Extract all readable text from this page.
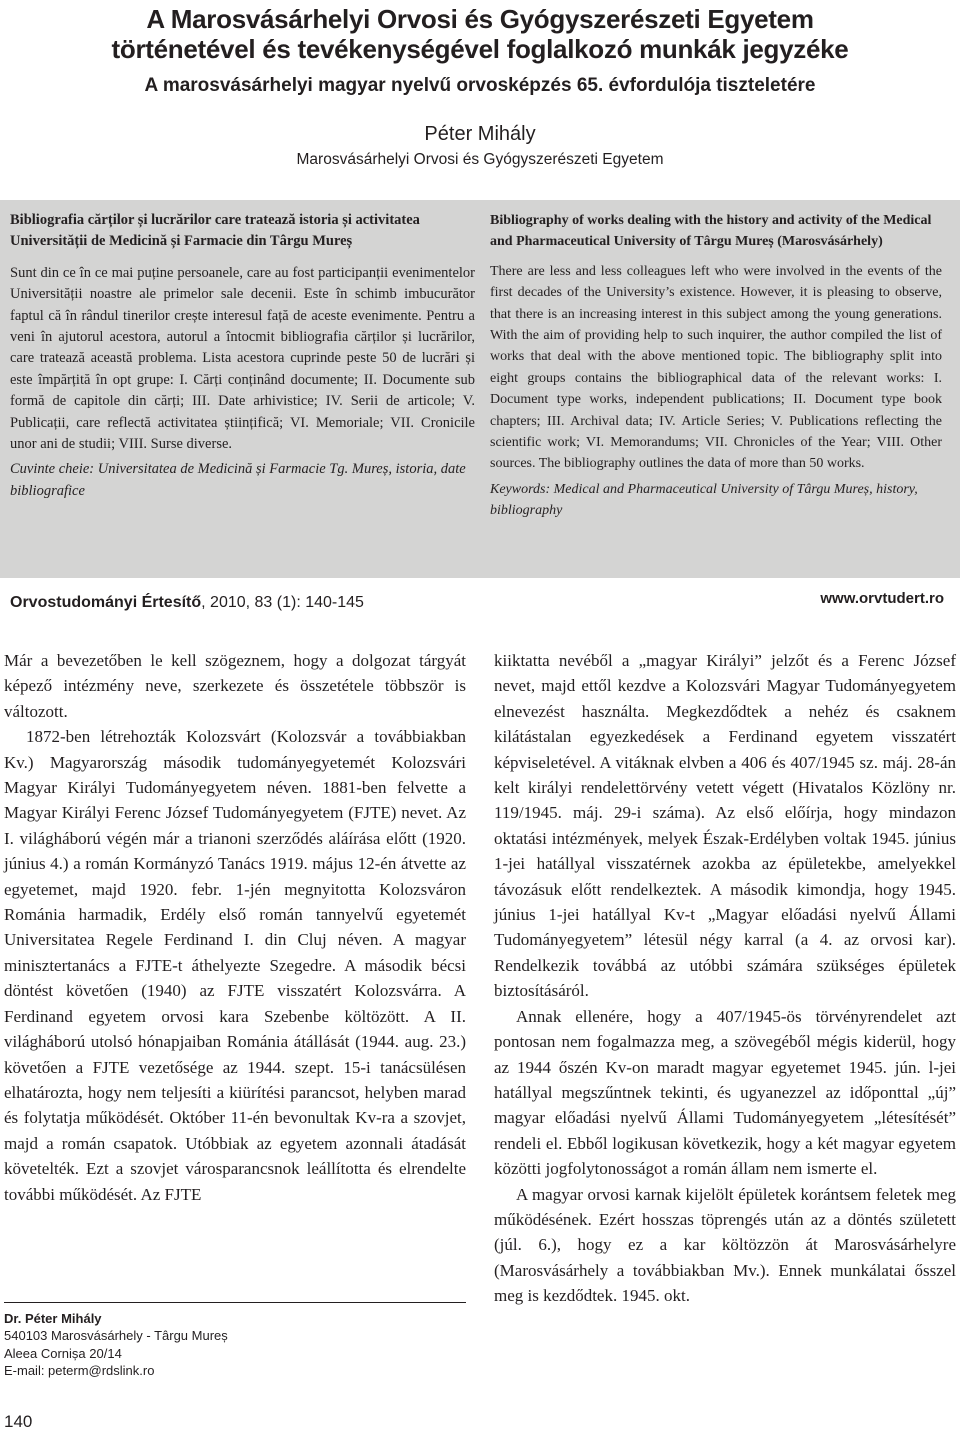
A Marosvásárhelyi Orvosi és Gyógyszerészeti Egyetem
történetével és tevékenységével foglalkozó munkák jegyzéke
A marosvásárhelyi magyar nyelvű orvosképzés 65. évfordulója tiszteletére
Péter Mihály
Marosvásárhelyi Orvosi és Gyógyszerészeti Egyetem
Bibliografia cărților și lucrărilor care tratează istoria și activitatea Universității de Medicină și Farmacie din Târgu Mureș
Sunt din ce în ce mai puține persoanele, care au fost participanții evenimentelor Universității noastre ale primelor sale decenii. Este în schimb imbucurător faptul că în rândul tinerilor crește interesul față de aceste evenimente. Pentru a veni în ajutorul acestora, autorul a întocmit bibliografia cărților și lucrărilor, care tratează această problema. Lista acestora cuprinde peste 50 de lucrări și este împărțită în opt grupe: I. Cărți conținând documente; II. Documente sub formă de capitole din cărți; III. Date arhivistice; IV. Serii de articole; V. Publicații, care reflectă activitatea științifică; VI. Memoriale; VII. Cronicile unor ani de studii; VIII. Surse diverse.
Cuvinte cheie: Universitatea de Medicină și Farmacie Tg. Mureș, istoria, date bibliografice
Bibliography of works dealing with the history and activity of the Medical and Pharmaceutical University of Târgu Mureș (Marosvásárhely)
There are less and less colleagues left who were involved in the events of the first decades of the University’s existence. However, it is pleasing to observe, that there is an increasing interest in this subject among the young generations. With the aim of providing help to such inquirer, the author compiled the list of works that deal with the above mentioned topic. The bibliography split into eight groups contains the bibliographical data of the relevant works: I. Document type works, independent publications; II. Document type book chapters; III. Archival data; IV. Article Series; V. Publications reflecting the scientific work; VI. Memorandums; VII. Chronicles of the Year; VIII. Other sources. The bibliography outlines the data of more than 50 works.
Keywords: Medical and Pharmaceutical University of Târgu Mureș, history, bibliography
Orvostudományi Értesítő, 2010, 83 (1): 140-145	www.orvtudert.ro

Már a bevezetőben le kell szögeznem, hogy a dolgozat tárgyát képező intézmény neve, szerkezete és összetétele többször is változott.

1872-ben létrehozták Kolozsvárt (Kolozsvár a továbbiakban Kv.) Magyarország második tudományegyetemét Kolozsvári Magyar Királyi Tudományegyetem néven. 1881-ben felvette a Magyar Királyi Ferenc József Tudományegyetem (FJTE) nevet. Az I. világháború végén már a trianoni szerződés aláírása előtt (1920. június 4.) a román Kormányzó Tanács 1919. május 12-én átvette az egyetemet, majd 1920. febr. 1-jén megnyitotta Kolozsváron Románia harmadik, Erdély első román tannyelvű egyetemét Universitatea Regele Ferdinand I. din Cluj néven. A magyar minisztertanács a FJTE-t áthelyezte Szegedre. A második bécsi döntést követően (1940) az FJTE visszatért Kolozsvárra. A Ferdinand egyetem orvosi kara Szebenbe költözött. A II. világháború utolsó hónapjaiban Románia átállását (1944. aug. 23.) követően a FJTE vezetősége az 1944. szept. 15-i tanácsülésen elhatározta, hogy nem teljesíti a kiürítési parancsot, helyben marad és folytatja működését. Október 11-én bevonultak Kv-ra a szovjet, majd a román csapatok. Utóbbiak az egyetem azonnali átadását követelték. Ezt a szovjet városparancsnok leállította és elrendelte további működését. Az FJTE

kiiktatta nevéből a „magyar Királyi” jelzőt és a Ferenc József nevet, majd ettől kezdve a Kolozsvári Magyar Tudományegyetem elnevezést használta. Megkezdődtek a nehéz és csaknem kilátástalan egyezkedések a Ferdinand egyetem visszatért képviseletével. A vitáknak elvben a 406 és 407/1945 sz. máj. 28-án kelt királyi rendelettörvény vetett végett (Hivatalos Közlöny nr. 119/1945. máj. 29-i száma). Az első előírja, hogy mindazon oktatási intézmények, melyek Észak-Erdélyben voltak 1945. június 1-jei hatállyal visszatérnek azokba az épületekbe, amelyekkel távozásuk előtt rendelkeztek. A második kimondja, hogy 1945. június 1-jei hatállyal Kv-t „Magyar előadási nyelvű Állami Tudományegyetem” létesül négy karral (a 4. az orvosi kar). Rendelkezik továbbá az utóbbi számára szükséges épületek biztosításáról.

Annak ellenére, hogy a 407/1945-ös törvényrendelet azt pontosan nem fogalmazza meg, a szövegéből mégis kiderül, hogy az 1944 őszén Kv-on maradt magyar egyetemet 1945. jún. l-jei hatállyal megszűntnek tekinti, és ugyanezzel az időponttal „új” magyar előadási nyelvű Állami Tudományegyetem „létesítését” rendeli el. Ebből logikusan következik, hogy a két magyar egyetem közötti jogfolytonosságot a román állam nem ismerte el.

A magyar orvosi karnak kijelölt épületek korántsem feletek meg működésének. Ezért hosszas töprengés után az a döntés született (júl. 6.), hogy ez a kar költözzön át Marosvásárhelyre (Marosvásárhely a továbbiakban Mv.). Ennek munkálatai ősszel meg is kezdődtek. 1945. okt.

Dr. Péter Mihály
540103 Marosvásárhely - Târgu Mureș
Aleea Cornișa 20/14
E-mail: peterm@rdslink.ro
140
